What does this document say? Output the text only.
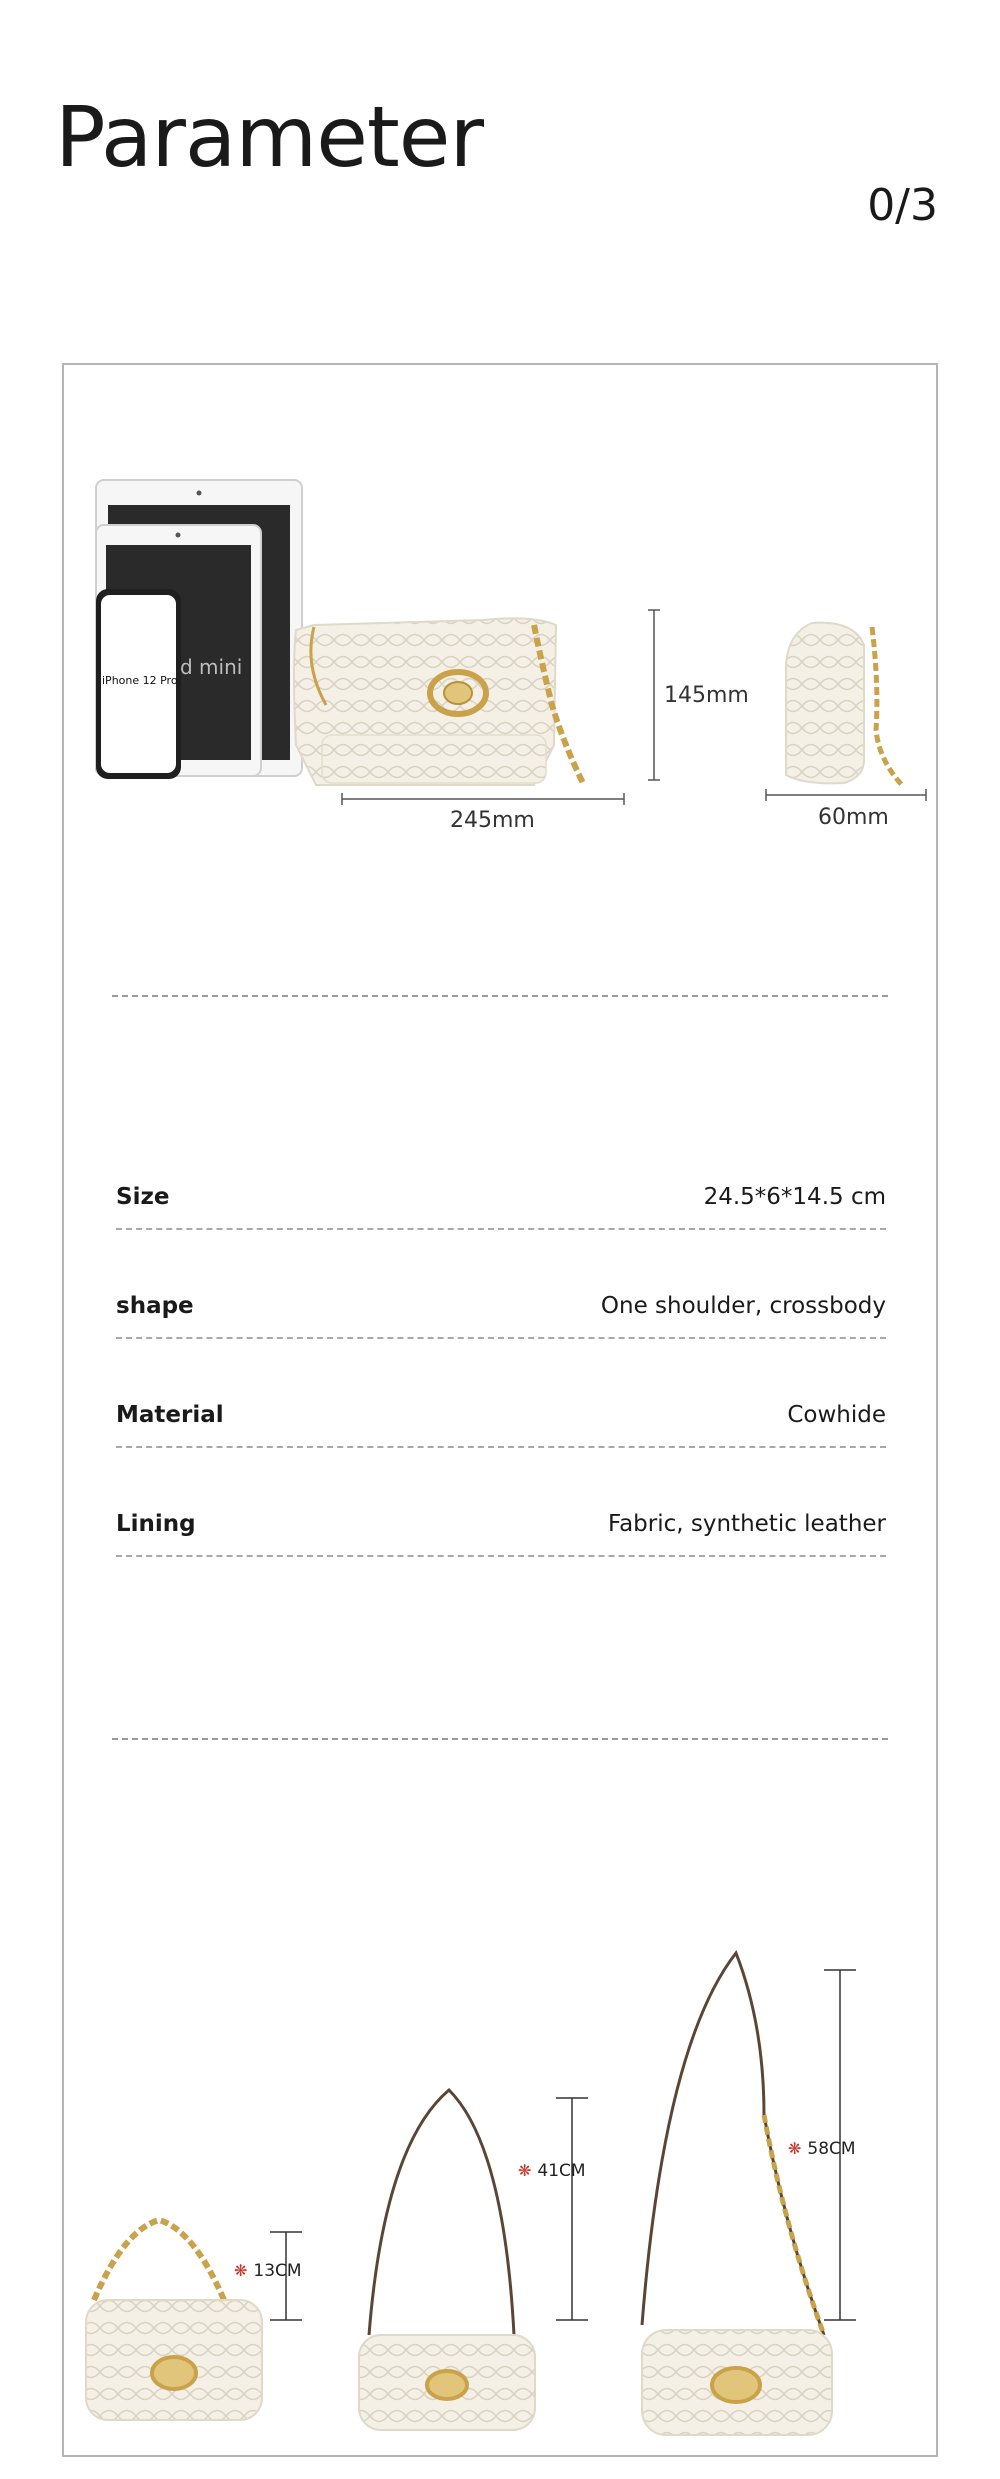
Parameter
0/3
iPhone 12 Pro
d mini
245mm
145mm
60mm
Size	24.5*6*14.5 cm
shape	One shoulder, crossbody
Material	Cowhide
Lining	Fabric, synthetic leather
❋ 13CM
❋ 41CM
❋ 58CM
